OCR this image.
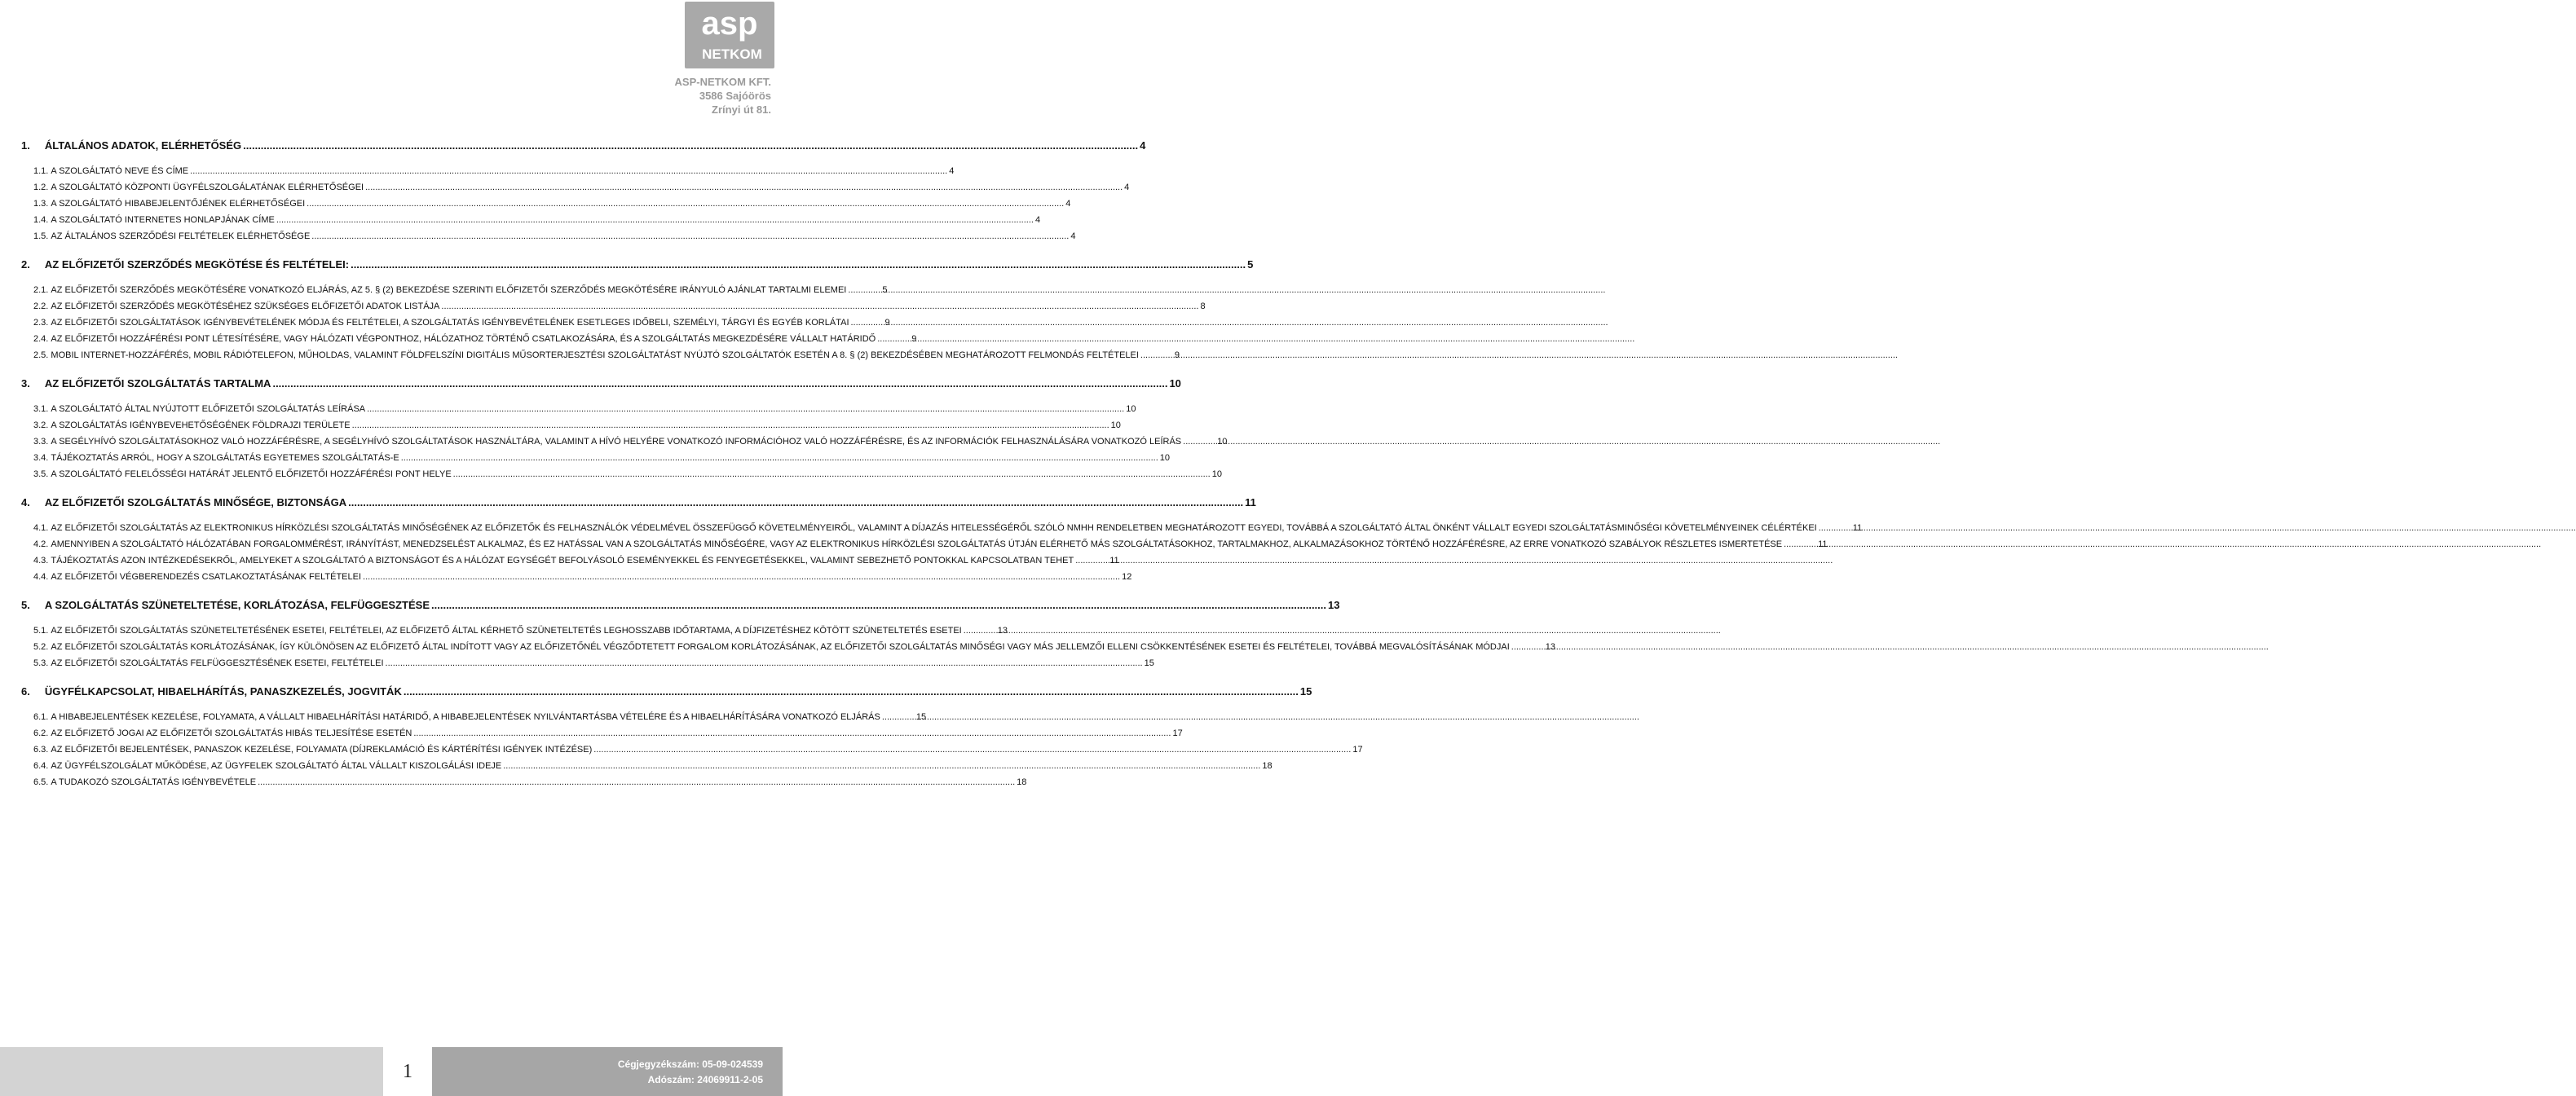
asp
NETKOM
ASP-NETKOM KFT.
3586 Sajóörös
Zrínyi út 81.
1. ÁLTALÁNOS ADATOK, ELÉRHETŐSÉG .....	4
1.1. A SZOLGÁLTATÓ NEVE ÉS CÍME .....	4
1.2. A SZOLGÁLTATÓ KÖZPONTI ÜGYFÉLSZOLGÁLATÁNAK ELÉRHETŐSÉGEI .....	4
1.3. A SZOLGÁLTATÓ HIBABEJELENTŐJÉNEK ELÉRHETŐSÉGEI .....	4
1.4. A SZOLGÁLTATÓ INTERNETES HONLAPJÁNAK CÍME .....	4
1.5. AZ ÁLTALÁNOS SZERZŐDÉSI FELTÉTELEK ELÉRHETŐSÉGE .....	4
2. AZ ELŐFIZETŐI SZERZŐDÉS MEGKÖTÉSE ÉS FELTÉTELEI: .....	5
2.1. AZ ELŐFIZETŐI SZERZŐDÉS MEGKÖTÉSÉRE VONATKOZÓ ELJÁRÁS, AZ 5. § (2) BEKEZDÉSE SZERINTI ELŐFIZETŐI SZERZŐDÉS MEGKÖTÉSÉRE IRÁNYULÓ AJÁNLAT TARTALMI ELEMEI .....	5
2.2. AZ ELŐFIZETŐI SZERZŐDÉS MEGKÖTÉSÉHEZ SZÜKSÉGES ELŐFIZETŐI ADATOK LISTÁJA .....	8
2.3. AZ ELŐFIZETŐI SZOLGÁLTATÁSOK IGÉNYBEVÉTELÉNEK MÓDJA ÉS FELTÉTELEI, A SZOLGÁLTATÁS IGÉNYBEVÉTELÉNEK ESETLEGES IDŐBELI, SZEMÉLYI, TÁRGYI ÉS EGYÉB KORLÁTAI .....	9
2.4. AZ ELŐFIZETŐI HOZZÁFÉRÉSI PONT LÉTESÍTÉSÉRE, VAGY HÁLÓZATI VÉGPONTHOZ, HÁLÓZATHOZ TÖRTÉNŐ CSATLAKOZÁSÁRA, ÉS A SZOLGÁLTATÁS MEGKEZDÉSÉRE VÁLLALT HATÁRIDŐ .....	9
2.5. MOBIL INTERNET-HOZZÁFÉRÉS, MOBIL RÁDIÓTELEFON, MŰHOLDAS, VALAMINT FÖLDFELSZÍNI DIGITÁLIS MŰSORTERJESZTÉSI SZOLGÁLTATÁST NYÚJTÓ SZOLGÁLTATÓK ESETÉN A 8. § (2) BEKEZDÉSÉBEN MEGHATÁROZOTT FELMONDÁS FELTÉTELEI .....	9
3. AZ ELŐFIZETŐI SZOLGÁLTATÁS TARTALMA .....	10
3.1. A SZOLGÁLTATÓ ÁLTAL NYÚJTOTT ELŐFIZETŐI SZOLGÁLTATÁS LEÍRÁSA .....	10
3.2. A SZOLGÁLTATÁS IGÉNYBEVEHETŐSÉGÉNEK FÖLDRAJZI TERÜLETE .....	10
3.3. A SEGÉLYHÍVÓ SZOLGÁLTATÁSOKHOZ VALÓ HOZZÁFÉRÉSRE, A SEGÉLYHÍVÓ SZOLGÁLTATÁSOK HASZNÁLTÁRA, VALAMINT A HÍVÓ HELYÉRE VONATKOZÓ INFORMÁCIÓHOZ VALÓ HOZZÁFÉRÉSRE, ÉS AZ INFORMÁCIÓK FELHASZNÁLÁSÁRA VONATKOZÓ LEÍRÁS .....	10
3.4. TÁJÉKOZTATÁS ARRÓL, HOGY A SZOLGÁLTATÁS EGYETEMES SZOLGÁLTATÁS-E .....	10
3.5. A SZOLGÁLTATÓ FELELŐSSÉGI HATÁRÁT JELENTŐ ELŐFIZETŐI HOZZÁFÉRÉSI PONT HELYE .....	10
4. AZ ELŐFIZETŐI SZOLGÁLTATÁS MINŐSÉGE, BIZTONSÁGA .....	11
4.1. AZ ELŐFIZETŐI SZOLGÁLTATÁS AZ ELEKTRONIKUS HÍRKÖZLÉSI SZOLGÁLTATÁS MINŐSÉGÉNEK AZ ELŐFIZETŐK ÉS FELHASZNÁLÓK VÉDELMÉVEL ÖSSZEFÜGGŐ KÖVETELMÉNYEIRŐL, VALAMINT A DÍJAZÁS HITELESSÉGÉRŐL SZÓLÓ NMHH RENDELETBEN MEGHATÁROZOTT EGYEDI, TOVÁBBÁ A SZOLGÁLTATÓ ÁLTAL ÖNKÉNT VÁLLALT EGYEDI SZOLGÁLTATÁSMINŐSÉGI KÖVETELMÉNYEINEK CÉLÉRTÉKEI .....	11
4.2. AMENNYIBEN A SZOLGÁLTATÓ HÁLÓZATÁBAN FORGALOMMÉRÉST, IRÁNYÍTÁST, MENEDZSELÉST ALKALMAZ, ÉS EZ HATÁSSAL VAN A SZOLGÁLTATÁS MINŐSÉGÉRE, VAGY AZ ELEKTRONIKUS HÍRKÖZLÉSI SZOLGÁLTATÁS ÚTJÁN ELÉRHETŐ MÁS SZOLGÁLTATÁSOKHOZ, TARTALMAKHOZ, ALKALMAZÁSOKHOZ TÖRTÉNŐ HOZZÁFÉRÉSRE, AZ ERRE VONATKOZÓ SZABÁLYOK RÉSZLETES ISMERTETÉSE .....	11
4.3. TÁJÉKOZTATÁS AZON INTÉZKEDÉSEKRŐL, AMELYEKET A SZOLGÁLTATÓ A BIZTONSÁGOT ÉS A HÁLÓZAT EGYSÉGÉT BEFOLYÁSOLÓ ESEMÉNYEKKEL ÉS FENYEGETÉSEKKEL, VALAMINT SEBEZHETŐ PONTOKKAL KAPCSOLATBAN TEHET .....	11
4.4. AZ ELŐFIZETŐI VÉGBERENDEZÉS CSATLAKOZTATÁSÁNAK FELTÉTELEI .....	12
5. A SZOLGÁLTATÁS SZÜNETELTETÉSE, KORLÁTOZÁSA, FELFÜGGESZTÉSE .....	13
5.1. AZ ELŐFIZETŐI SZOLGÁLTATÁS SZÜNETELTETÉSÉNEK ESETEI, FELTÉTELEI, AZ ELŐFIZETŐ ÁLTAL KÉRHETŐ SZÜNETELTETÉS LEGHOSSZABB IDŐTARTAMA, A DÍJFIZETÉSHEZ KÖTÖTT SZÜNETELTETÉS ESETEI .....	13
5.2. AZ ELŐFIZETŐI SZOLGÁLTATÁS KORLÁTOZÁSÁNAK, ÍGY KÜLÖNÖSEN AZ ELŐFIZETŐ ÁLTAL INDÍTOTT VAGY AZ ELŐFIZETŐNÉL VÉGZŐDTETETT FORGALOM KORLÁTOZÁSÁNAK, AZ ELŐFIZETŐI SZOLGÁLTATÁS MINŐSÉGI VAGY MÁS JELLEMZŐI ELLENI CSÖKKENTÉSÉNEK ESETEI ÉS FELTÉTELEI, TOVÁBBÁ MEGVALÓSÍTÁSÁNAK MÓDJAI .....	13
5.3. AZ ELŐFIZETŐI SZOLGÁLTATÁS FELFÜGGESZTÉSÉNEK ESETEI, FELTÉTELEI .....	15
6. ÜGYFÉLKAPCSOLAT, HIBAELHÁRÍTÁS, PANASZKEZELÉS, JOGVITÁK .....	15
6.1. A HIBABEJELENTÉSEK KEZELÉSE, FOLYAMATA, A VÁLLALT HIBAELHÁRÍTÁSI HATÁRIDŐ, A HIBABEJELENTÉSEK NYILVÁNTARTÁSBA VÉTELÉRE ÉS A HIBAELHÁRÍTÁSÁRA VONATKOZÓ ELJÁRÁS .....	15
6.2. AZ ELŐFIZETŐ JOGAI AZ ELŐFIZETŐI SZOLGÁLTATÁS HIBÁS TELJESÍTÉSE ESETÉN .....	17
6.3. AZ ELŐFIZETŐI BEJELENTÉSEK, PANASZOK KEZELÉSE, FOLYAMATA (DÍJREKLAMÁCIÓ ÉS KÁRTÉRÍTÉSI IGÉNYEK INTÉZÉSE) .....	17
6.4. AZ ÜGYFÉLSZOLGÁLAT MŰKÖDÉSE, AZ ÜGYFELEK SZOLGÁLTATÓ ÁLTAL VÁLLALT KISZOLGÁLÁSI IDEJE .....	18
6.5. A TUDAKOZÓ SZOLGÁLTATÁS IGÉNYBEVÉTELE .....	18
1	Cégjegyzékszám: 05-09-024539
Adószám: 24069911-2-05
